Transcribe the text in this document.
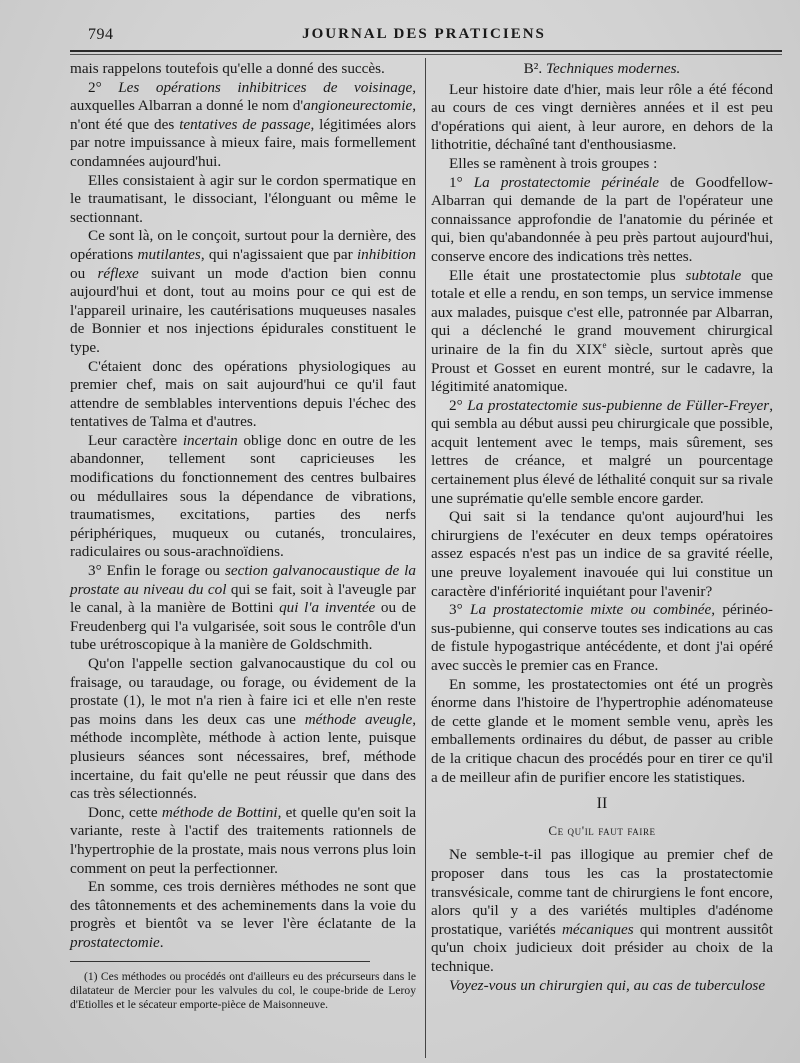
794	JOURNAL DES PRATICIENS

mais rappelons toutefois qu'elle a donné des succès.

2° Les opérations inhibitrices de voisinage, auxquelles Albarran a donné le nom d'angioneurectomie, n'ont été que des tentatives de passage, légitimées alors par notre impuissance à mieux faire, mais formellement condamnées aujourd'hui.

Elles consistaient à agir sur le cordon spermatique en le traumatisant, le dissociant, l'élonguant ou même le sectionnant.

Ce sont là, on le conçoit, surtout pour la dernière, des opérations mutilantes, qui n'agissaient que par inhibition ou réflexe suivant un mode d'action bien connu aujourd'hui et dont, tout au moins pour ce qui est de l'appareil urinaire, les cautérisations muqueuses nasales de Bonnier et nos injections épidurales constituent le type.

C'étaient donc des opérations physiologiques au premier chef, mais on sait aujourd'hui ce qu'il faut attendre de semblables interventions depuis l'échec des tentatives de Talma et d'autres.

Leur caractère incertain oblige donc en outre de les abandonner, tellement sont capricieuses les modifications du fonctionnement des centres bulbaires ou médullaires sous la dépendance de vibrations, traumatismes, excitations, parties des nerfs périphériques, muqueux ou cutanés, tronculaires, radiculaires ou sous-arachnoïdiens.

3° Enfin le forage ou section galvanocaustique de la prostate au niveau du col qui se fait, soit à l'aveugle par le canal, à la manière de Bottini qui l'a inventée ou de Freudenberg qui l'a vulgarisée, soit sous le contrôle d'un tube urétroscopique à la manière de Goldschmith.

Qu'on l'appelle section galvanocaustique du col ou fraisage, ou taraudage, ou forage, ou évidement de la prostate (1), le mot n'a rien à faire ici et elle n'en reste pas moins dans les deux cas une méthode aveugle, méthode incomplète, méthode à action lente, puisque plusieurs séances sont nécessaires, bref, méthode incertaine, du fait qu'elle ne peut réussir que dans des cas très sélectionnés.

Donc, cette méthode de Bottini, et quelle qu'en soit la variante, reste à l'actif des traitements rationnels de l'hypertrophie de la prostate, mais nous verrons plus loin comment on peut la perfectionner.

En somme, ces trois dernières méthodes ne sont que des tâtonnements et des acheminements dans la voie du progrès et bientôt va se lever l'ère éclatante de la prostatectomie.

(1) Ces méthodes ou procédés ont d'ailleurs eu des précurseurs dans le dilatateur de Mercier pour les valvules du col, le coupe-bride de Leroy d'Etiolles et le sécateur emporte-pièce de Maisonneuve.

B². Techniques modernes.

Leur histoire date d'hier, mais leur rôle a été fécond au cours de ces vingt dernières années et il est peu d'opérations qui aient, à leur aurore, en dehors de la lithotritie, déchaîné tant d'enthousiasme.

Elles se ramènent à trois groupes :

1° La prostatectomie périnéale de Goodfellow-Albarran qui demande de la part de l'opérateur une connaissance approfondie de l'anatomie du périnée et qui, bien qu'abandonnée à peu près partout aujourd'hui, conserve encore des indications très nettes.

Elle était une prostatectomie plus subtotale que totale et elle a rendu, en son temps, un service immense aux malades, puisque c'est elle, patronnée par Albarran, qui a déclenché le grand mouvement chirurgical urinaire de la fin du XIXe siècle, surtout après que Proust et Gosset en eurent montré, sur le cadavre, la légitimité anatomique.

2° La prostatectomie sus-pubienne de Füller-Freyer, qui sembla au début aussi peu chirurgicale que possible, acquit lentement avec le temps, mais sûrement, ses lettres de créance, et malgré un pourcentage certainement plus élevé de léthalité conquit sur sa rivale une suprématie qu'elle semble encore garder.

Qui sait si la tendance qu'ont aujourd'hui les chirurgiens de l'exécuter en deux temps opératoires assez espacés n'est pas un indice de sa gravité réelle, une preuve loyalement inavouée qui lui constitue un caractère d'infériorité inquiétant pour l'avenir?

3° La prostatectomie mixte ou combinée, périnéo-sus-pubienne, qui conserve toutes ses indications au cas de fistule hypogastrique antécédente, et dont j'ai opéré avec succès le premier cas en France.

En somme, les prostatectomies ont été un progrès énorme dans l'histoire de l'hypertrophie adénomateuse de cette glande et le moment semble venu, après les emballements ordinaires du début, de passer au crible de la critique chacun des procédés pour en tirer ce qu'il a de meilleur afin de purifier encore les statistiques.

II

Ce qu'il faut faire

Ne semble-t-il pas illogique au premier chef de proposer dans tous les cas la prostatectomie transvésicale, comme tant de chirurgiens le font encore, alors qu'il y a des variétés multiples d'adénome prostatique, variétés mécaniques qui montrent aussitôt qu'un choix judicieux doit présider au choix de la technique.

Voyez-vous un chirurgien qui, au cas de tuberculose
